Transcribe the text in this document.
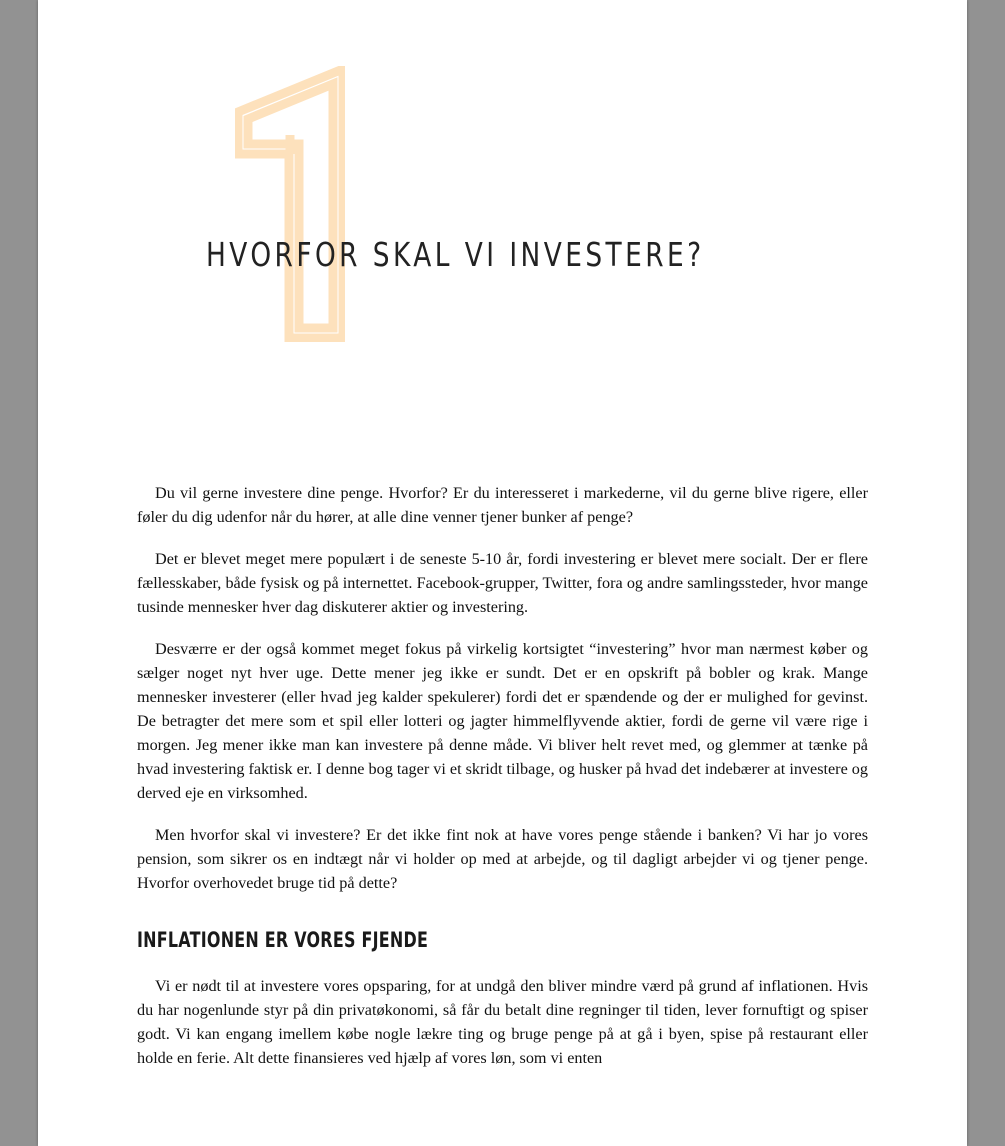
HVORFOR SKAL VI INVESTERE?

Du vil gerne investere dine penge. Hvorfor? Er du interesseret i markederne, vil du gerne blive rigere, eller føler du dig udenfor når du hører, at alle dine venner tjener bunker af penge?

Det er blevet meget mere populært i de seneste 5-10 år, fordi investering er blevet mere socialt. Der er flere fællesskaber, både fysisk og på internettet. Facebook-grupper, Twitter, fora og andre samlingssteder, hvor mange tusinde mennesker hver dag diskuterer aktier og investering.

Desværre er der også kommet meget fokus på virkelig kortsigtet “investering” hvor man nærmest køber og sælger noget nyt hver uge. Dette mener jeg ikke er sundt. Det er en opskrift på bobler og krak. Mange mennesker investerer (eller hvad jeg kalder spekulerer) fordi det er spændende og der er mulighed for gevinst. De betragter det mere som et spil eller lotteri og jagter himmelflyvende aktier, fordi de gerne vil være rige i morgen. Jeg mener ikke man kan investere på denne måde. Vi bliver helt revet med, og glemmer at tænke på hvad investering faktisk er. I denne bog tager vi et skridt tilbage, og husker på hvad det indebærer at investere og derved eje en virksomhed.

Men hvorfor skal vi investere? Er det ikke fint nok at have vores penge stående i banken? Vi har jo vores pension, som sikrer os en indtægt når vi holder op med at arbejde, og til dagligt arbejder vi og tjener penge. Hvorfor overhovedet bruge tid på dette?

INFLATIONEN ER VORES FJENDE

Vi er nødt til at investere vores opsparing, for at undgå den bliver mindre værd på grund af inflationen. Hvis du har nogenlunde styr på din privatøkonomi, så får du betalt dine regninger til tiden, lever fornuftigt og spiser godt. Vi kan engang imellem købe nogle lækre ting og bruge penge på at gå i byen, spise på restaurant eller holde en ferie. Alt dette finansieres ved hjælp af vores løn, som vi enten
